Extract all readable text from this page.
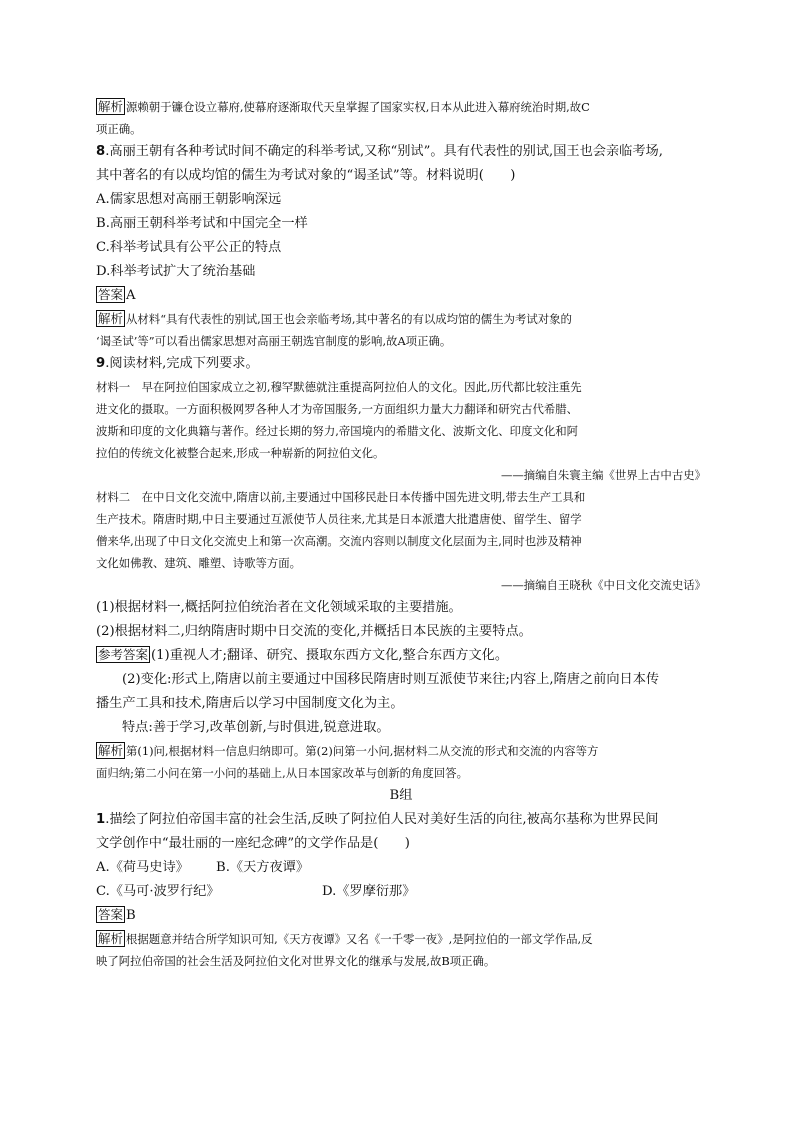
解析 源赖朝于镰仓设立幕府,使幕府逐渐取代天皇掌握了国家实权,日本从此进入幕府统治时期,故C
项正确。
8.高丽王朝有各种考试时间不确定的科举考试,又称“别试”。具有代表性的别试,国王也会亲临考场,
其中著名的有以成均馆的儒生为考试对象的“谒圣试”等。材料说明(　　)
A.儒家思想对高丽王朝影响深远
B.高丽王朝科举考试和中国完全一样
C.科举考试具有公平公正的特点
D.科举考试扩大了统治基础
答案 A
解析 从材料“具有代表性的别试,国王也会亲临考场,其中著名的有以成均馆的儒生为考试对象的
‘谒圣试’等”可以看出儒家思想对高丽王朝选官制度的影响,故A项正确。
9.阅读材料,完成下列要求。
材料一　早在阿拉伯国家成立之初,穆罕默德就注重提高阿拉伯人的文化。因此,历代都比较注重先
进文化的摄取。一方面积极网罗各种人才为帝国服务,一方面组织力量大力翻译和研究古代希腊、
波斯和印度的文化典籍与著作。经过长期的努力,帝国境内的希腊文化、波斯文化、印度文化和阿
拉伯的传统文化被整合起来,形成一种崭新的阿拉伯文化。
——摘编自朱寰主编《世界上古中古史》
材料二　在中日文化交流中,隋唐以前,主要通过中国移民赴日本传播中国先进文明,带去生产工具和
生产技术。隋唐时期,中日主要通过互派使节人员往来,尤其是日本派遣大批遣唐使、留学生、留学
僧来华,出现了中日文化交流史上和第一次高潮。交流内容则以制度文化层面为主,同时也涉及精神
文化如佛教、建筑、雕塑、诗歌等方面。
——摘编自王晓秋《中日文化交流史话》
(1)根据材料一,概括阿拉伯统治者在文化领域采取的主要措施。
(2)根据材料二,归纳隋唐时期中日交流的变化,并概括日本民族的主要特点。
参考答案 (1)重视人才;翻译、研究、摄取东西方文化,整合东西方文化。
(2)变化:形式上,隋唐以前主要通过中国移民隋唐时则互派使节来往;内容上,隋唐之前向日本传
播生产工具和技术,隋唐后以学习中国制度文化为主。
特点:善于学习,改革创新,与时俱进,锐意进取。
解析 第(1)问,根据材料一信息归纳即可。第(2)问第一小问,据材料二从交流的形式和交流的内容等方
面归纳;第二小问在第一小问的基础上,从日本国家改革与创新的角度回答。
B组
1.描绘了阿拉伯帝国丰富的社会生活,反映了阿拉伯人民对美好生活的向往,被高尔基称为世界民间
文学创作中“最壮丽的一座纪念碑”的文学作品是(　　)
A.《荷马史诗》 B.《天方夜谭》
C.《马可·波罗行纪》	D.《罗摩衍那》
答案 B
解析 根据题意并结合所学知识可知,《天方夜谭》又名《一千零一夜》,是阿拉伯的一部文学作品,反
映了阿拉伯帝国的社会生活及阿拉伯文化对世界文化的继承与发展,故B项正确。
